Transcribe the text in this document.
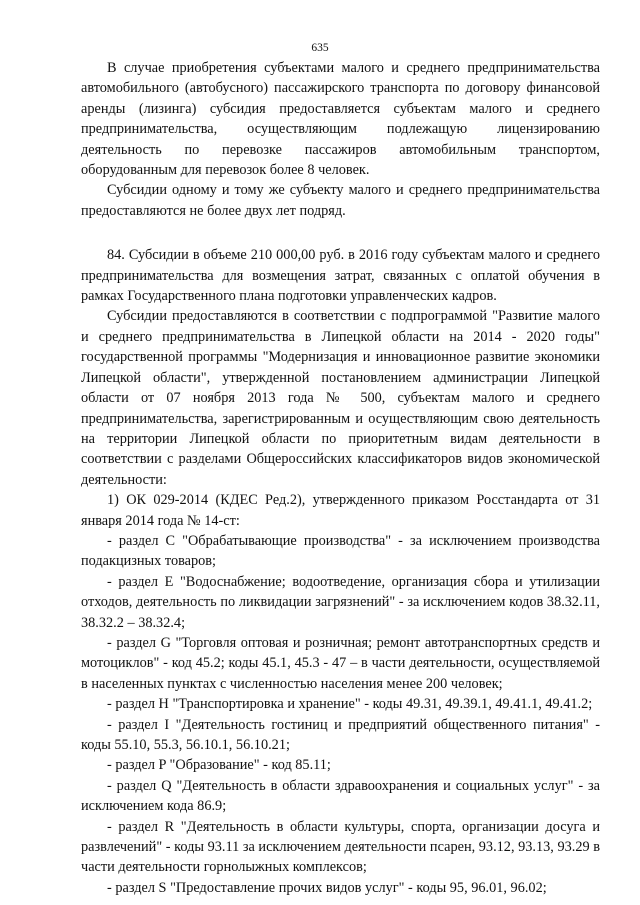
635

В случае приобретения субъектами малого и среднего предпринимательства автомобильного (автобусного) пассажирского транспорта по договору финансовой аренды (лизинга) субсидия предоставляется субъектам малого и среднего предпринимательства, осуществляющим подлежащую лицензированию деятельность по перевозке пассажиров автомобильным транспортом, оборудованным для перевозок более 8 человек.

Субсидии одному и тому же субъекту малого и среднего предпринимательства предоставляются не более двух лет подряд.

84. Субсидии в объеме 210 000,00 руб. в 2016 году субъектам малого и среднего предпринимательства для возмещения затрат, связанных с оплатой обучения в рамках Государственного плана подготовки управленческих кадров.

Субсидии предоставляются в соответствии с подпрограммой "Развитие малого и среднего предпринимательства в Липецкой области на 2014 - 2020 годы" государственной программы "Модернизация и инновационное развитие экономики Липецкой области", утвержденной постановлением администрации Липецкой области от 07 ноября 2013 года № 500, субъектам малого и среднего предпринимательства, зарегистрированным и осуществляющим свою деятельность на территории Липецкой области по приоритетным видам деятельности в соответствии с разделами Общероссийских классификаторов видов экономической деятельности:

1) ОК 029-2014 (КДЕС Ред.2), утвержденного приказом Росстандарта от 31 января 2014 года № 14-ст:

- раздел C "Обрабатывающие производства" - за исключением производства подакцизных товаров;

- раздел E "Водоснабжение; водоотведение, организация сбора и утилизации отходов, деятельность по ликвидации загрязнений" - за исключением кодов 38.32.11, 38.32.2 – 38.32.4;

- раздел G "Торговля оптовая и розничная; ремонт автотранспортных средств и мотоциклов" - код 45.2; коды 45.1, 45.3 - 47 – в части деятельности, осуществляемой в населенных пунктах с численностью населения менее 200 человек;

- раздел H "Транспортировка и хранение" - коды 49.31, 49.39.1, 49.41.1, 49.41.2;

- раздел I "Деятельность гостиниц и предприятий общественного питания" - коды 55.10, 55.3, 56.10.1, 56.10.21;

- раздел P "Образование" - код 85.11;

- раздел Q "Деятельность в области здравоохранения и социальных услуг" - за исключением кода 86.9;

- раздел R "Деятельность в области культуры, спорта, организации досуга и развлечений" - коды 93.11 за исключением деятельности псарен, 93.12, 93.13, 93.29 в части деятельности горнолыжных комплексов;

- раздел S "Предоставление прочих видов услуг" - коды 95, 96.01, 96.02;
